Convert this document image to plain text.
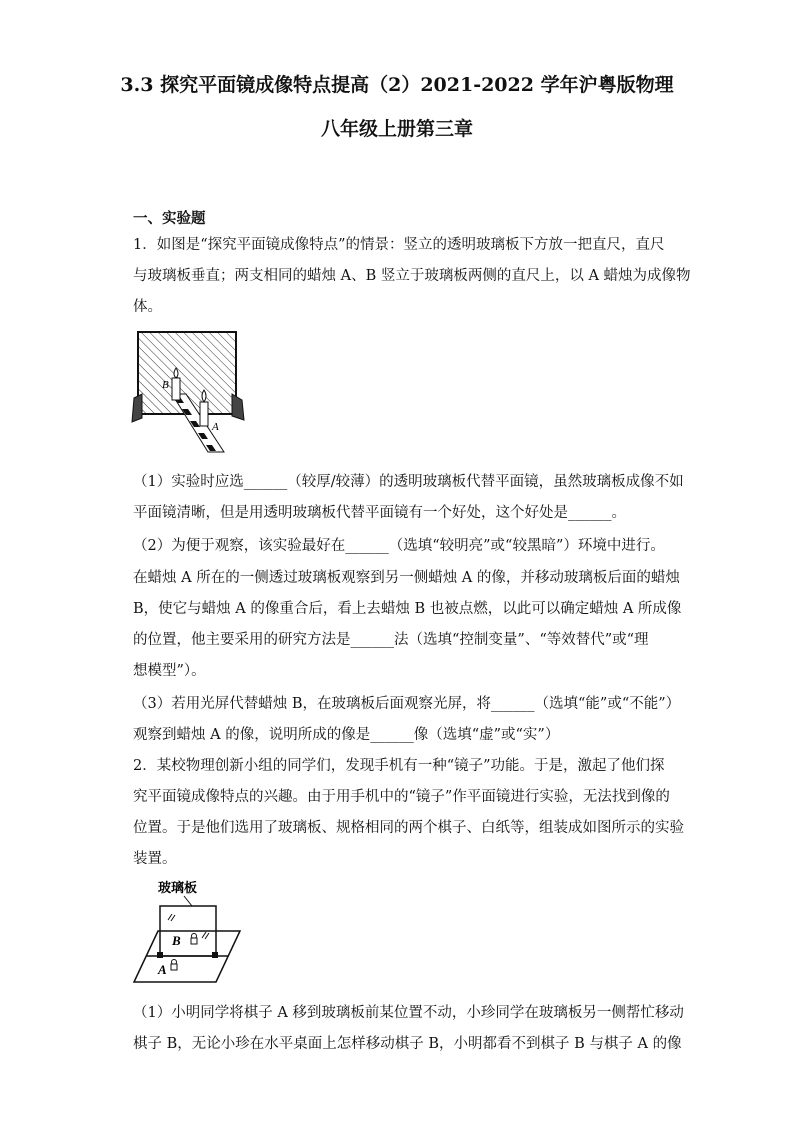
3.3 探究平面镜成像特点提高（2）2021-2022 学年沪粤版物理
八年级上册第三章
一、实验题
1．如图是“探究平面镜成像特点”的情景：竖立的透明玻璃板下方放一把直尺，直尺
与玻璃板垂直；两支相同的蜡烛 A、B 竖立于玻璃板两侧的直尺上，以 A 蜡烛为成像物
体。
B
A
（1）实验时应选______（较厚/较薄）的透明玻璃板代替平面镜，虽然玻璃板成像不如
平面镜清晰，但是用透明玻璃板代替平面镜有一个好处，这个好处是______。
（2）为便于观察，该实验最好在______（选填“较明亮”或“较黑暗”）环境中进行。
在蜡烛 A 所在的一侧透过玻璃板观察到另一侧蜡烛 A 的像，并移动玻璃板后面的蜡烛
B，使它与蜡烛 A 的像重合后，看上去蜡烛 B 也被点燃，以此可以确定蜡烛 A 所成像
的位置，他主要采用的研究方法是______法（选填“控制变量”、“等效替代”或“理
想模型”）。
（3）若用光屏代替蜡烛 B，在玻璃板后面观察光屏，将______（选填“能”或“不能”）
观察到蜡烛 A 的像，说明所成的像是______像（选填“虚”或“实”）
2．某校物理创新小组的同学们，发现手机有一种“镜子”功能。于是，激起了他们探
究平面镜成像特点的兴趣。由于用手机中的“镜子”作平面镜进行实验，无法找到像的
位置。于是他们选用了玻璃板、规格相同的两个棋子、白纸等，组装成如图所示的实验
装置。
玻璃板
B
A
（1）小明同学将棋子 A 移到玻璃板前某位置不动，小珍同学在玻璃板另一侧帮忙移动
棋子 B，无论小珍在水平桌面上怎样移动棋子 B，小明都看不到棋子 B 与棋子 A 的像
